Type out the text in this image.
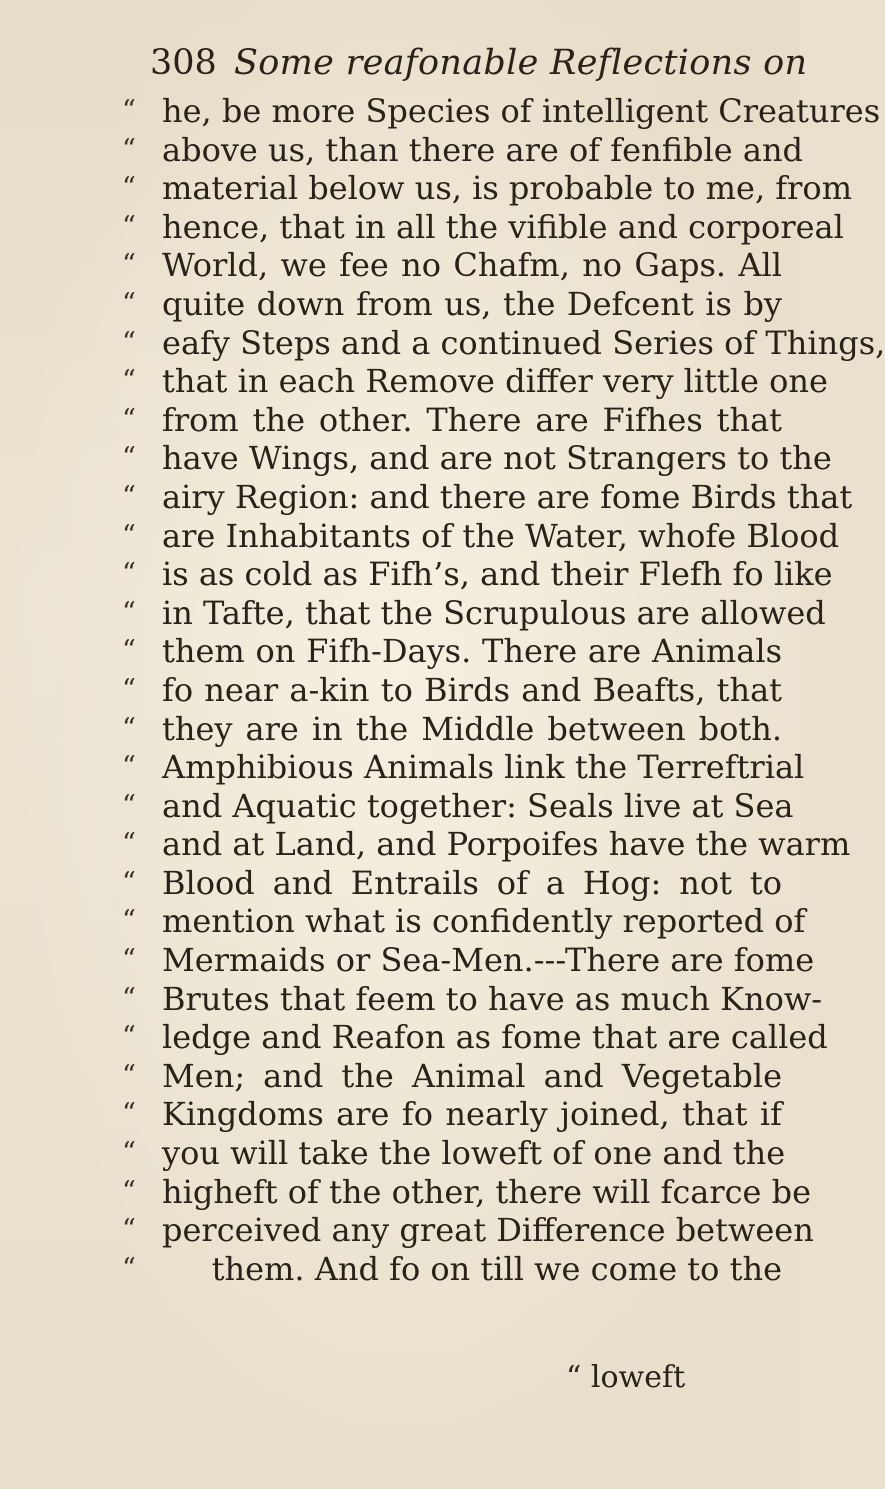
308 Some reafonable Reflections on
“ he, be more Species of intelligent Creatures
“ above us, than there are of fenfible and
“ material below us, is probable to me, from
“ hence, that in all the vifible and corporeal
“ World, we fee no Chafm, no Gaps. All
“ quite down from us, the Defcent is by
“ eafy Steps and a continued Series of Things,
“ that in each Remove differ very little one
“ from the other. There are Fifhes that
“ have Wings, and are not Strangers to the
“ airy Region: and there are fome Birds that
“ are Inhabitants of the Water, whofe Blood
“ is as cold as Fifh’s, and their Flefh fo like
“ in Tafte, that the Scrupulous are allowed
“ them on Fifh-Days. There are Animals
“ fo near a-kin to Birds and Beafts, that
“ they are in the Middle between both.
“ Amphibious Animals link the Terreftrial
“ and Aquatic together: Seals live at Sea
“ and at Land, and Porpoifes have the warm
“ Blood and Entrails of a Hog: not to
“ mention what is confidently reported of
“ Mermaids or Sea-Men.---There are fome
“ Brutes that feem to have as much Know-
“ ledge and Reafon as fome that are called
“ Men; and the Animal and Vegetable
“ Kingdoms are fo nearly joined, that if
“ you will take the loweft of one and the
“ higheft of the other, there will fcarce be
“ perceived any great Difference between
“	them. And fo on till we come to the
“ loweft
